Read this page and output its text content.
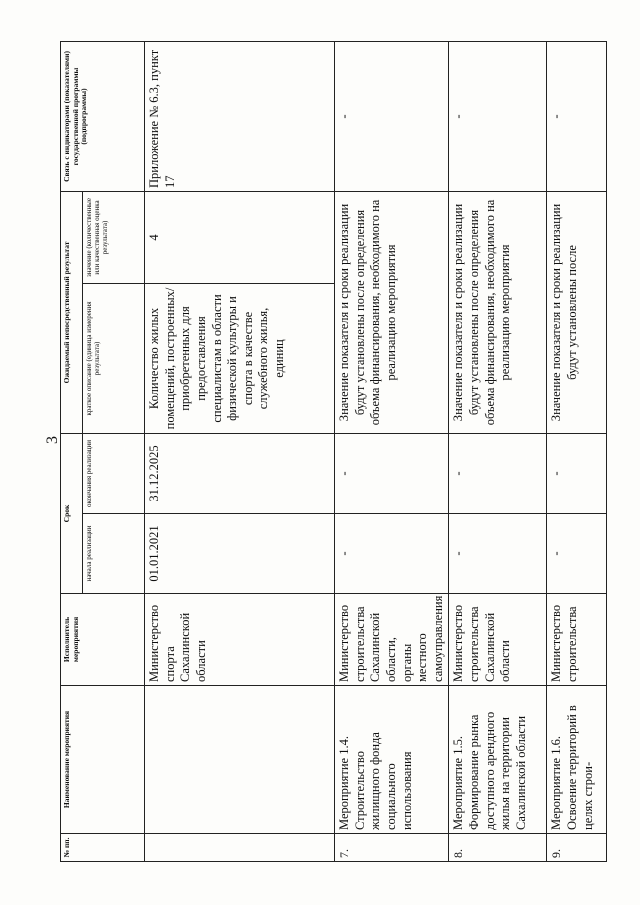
3
№ пп.	Наименование мероприятия	Исполнитель мероприятия	Срок		Ожидаемый непосредственный результат		Связь с индикаторами (показателями) государственной программы (подпрограммы)
			начала реализации	окончания реализации	краткое описание (единица измерения результата)	значение (количественные или качественная оценка результата)	
		Министерство спорта Сахалинской области	01.01.2021	31.12.2025	Количество жилых помещений, построенных/приобретенных для предоставления специалистам в области физической культуры и спорта в качестве служебного жилья, единиц	4	Приложение № 6.3, пункт 17
7.	Мероприятие 1.4. Строительство жилищного фонда социального использования	Министерство строительства Сахалинской области, органы местного самоуправления	-	-	Значение показателя и сроки реализации будут установлены после определения объема финансирования, необходимого на реализацию мероприятия		-
8.	Мероприятие 1.5. Формирование рынка доступного арендного жилья на территории Сахалинской области	Министерство строительства Сахалинской области	-	-	Значение показателя и сроки реализации будут установлены после определения объема финансирования, необходимого на реализацию мероприятия		-
9.	Мероприятие 1.6. Освоение территорий в целях строи-	Министерство строительства	-	-	Значение показателя и сроки реализации будут установлены после		-
